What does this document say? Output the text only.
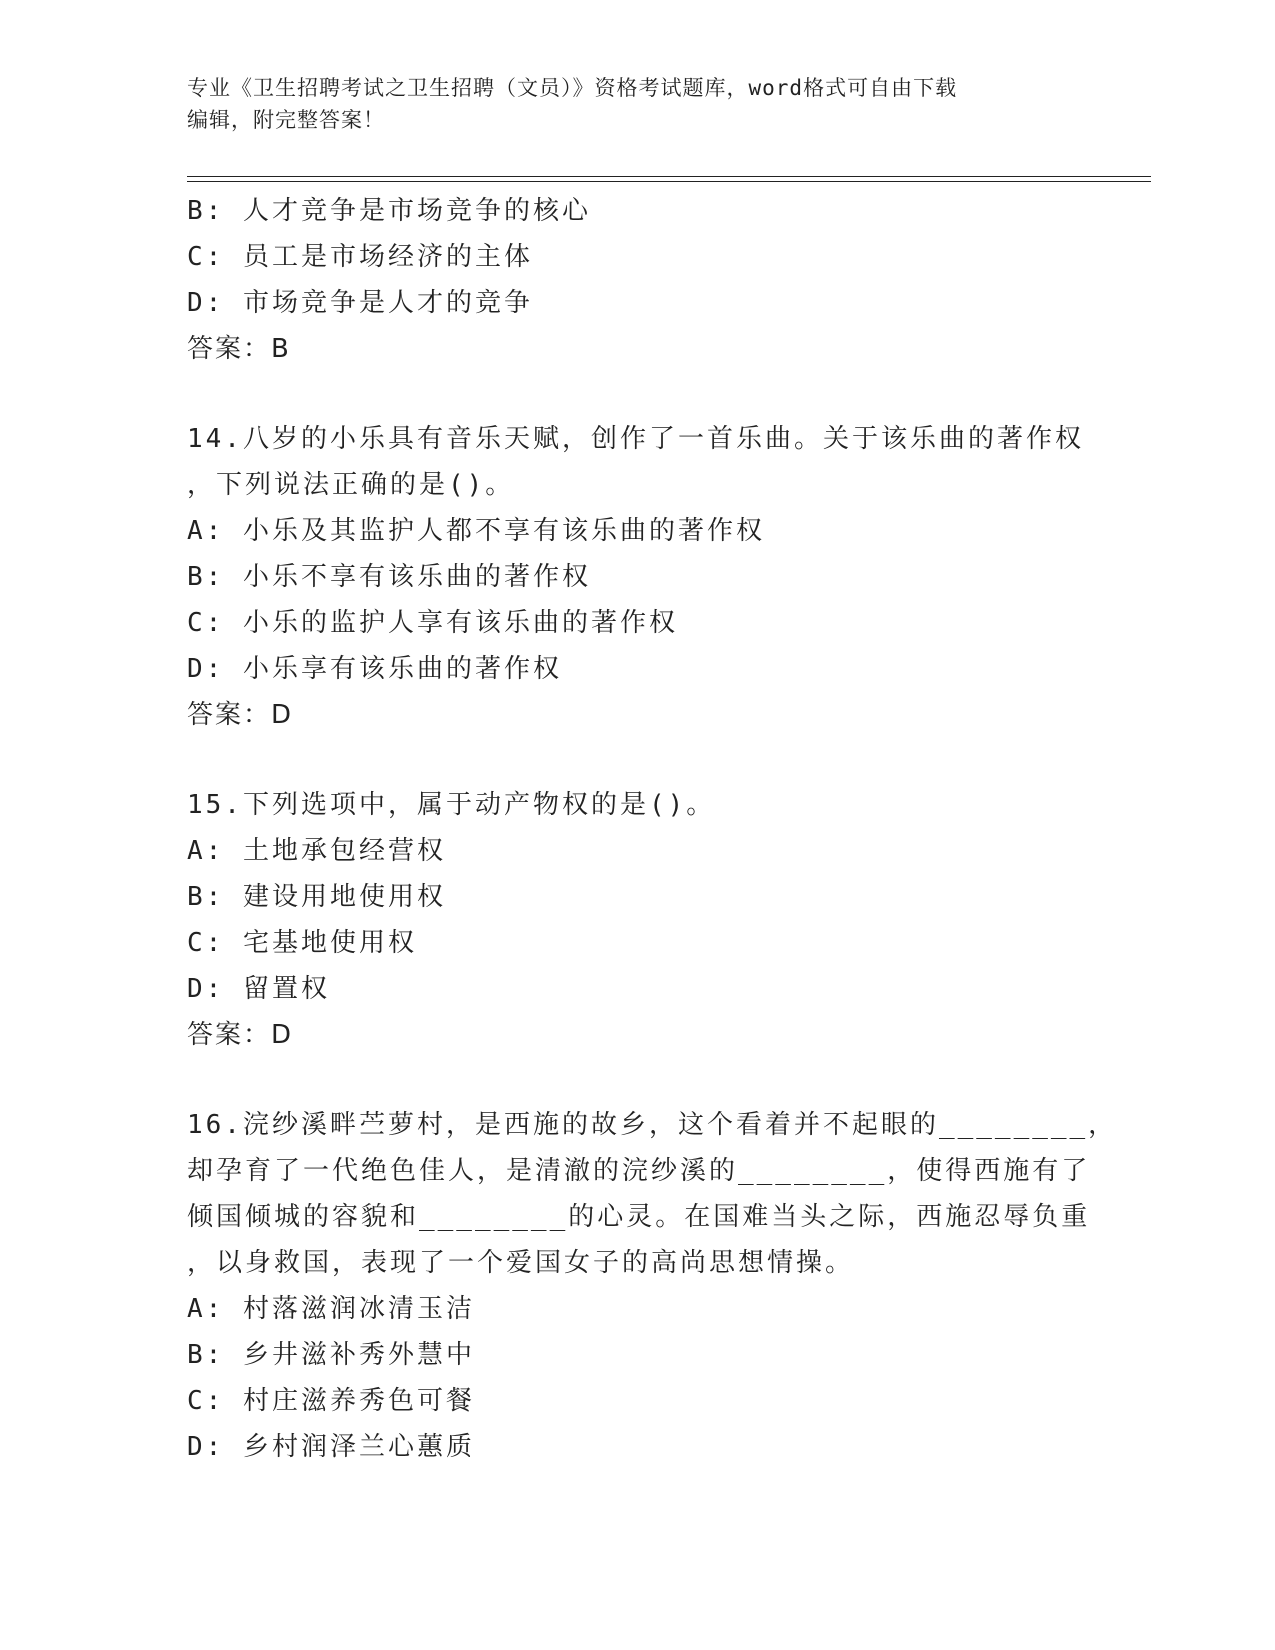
专业《卫生招聘考试之卫生招聘（文员）》资格考试题库，word格式可自由下载
编辑，附完整答案！
B: 人才竞争是市场竞争的核心
C: 员工是市场经济的主体
D: 市场竞争是人才的竞争
答案：B
14.八岁的小乐具有音乐天赋，创作了一首乐曲。关于该乐曲的著作权
，下列说法正确的是()。
A: 小乐及其监护人都不享有该乐曲的著作权
B: 小乐不享有该乐曲的著作权
C: 小乐的监护人享有该乐曲的著作权
D: 小乐享有该乐曲的著作权
答案：D
15.下列选项中，属于动产物权的是()。
A: 土地承包经营权
B: 建设用地使用权
C: 宅基地使用权
D: 留置权
答案：D
16.浣纱溪畔苎萝村，是西施的故乡，这个看着并不起眼的________，
却孕育了一代绝色佳人，是清澈的浣纱溪的________，使得西施有了
倾国倾城的容貌和________的心灵。在国难当头之际，西施忍辱负重
，以身救国，表现了一个爱国女子的高尚思想情操。
A: 村落滋润冰清玉洁
B: 乡井滋补秀外慧中
C: 村庄滋养秀色可餐
D: 乡村润泽兰心蕙质
